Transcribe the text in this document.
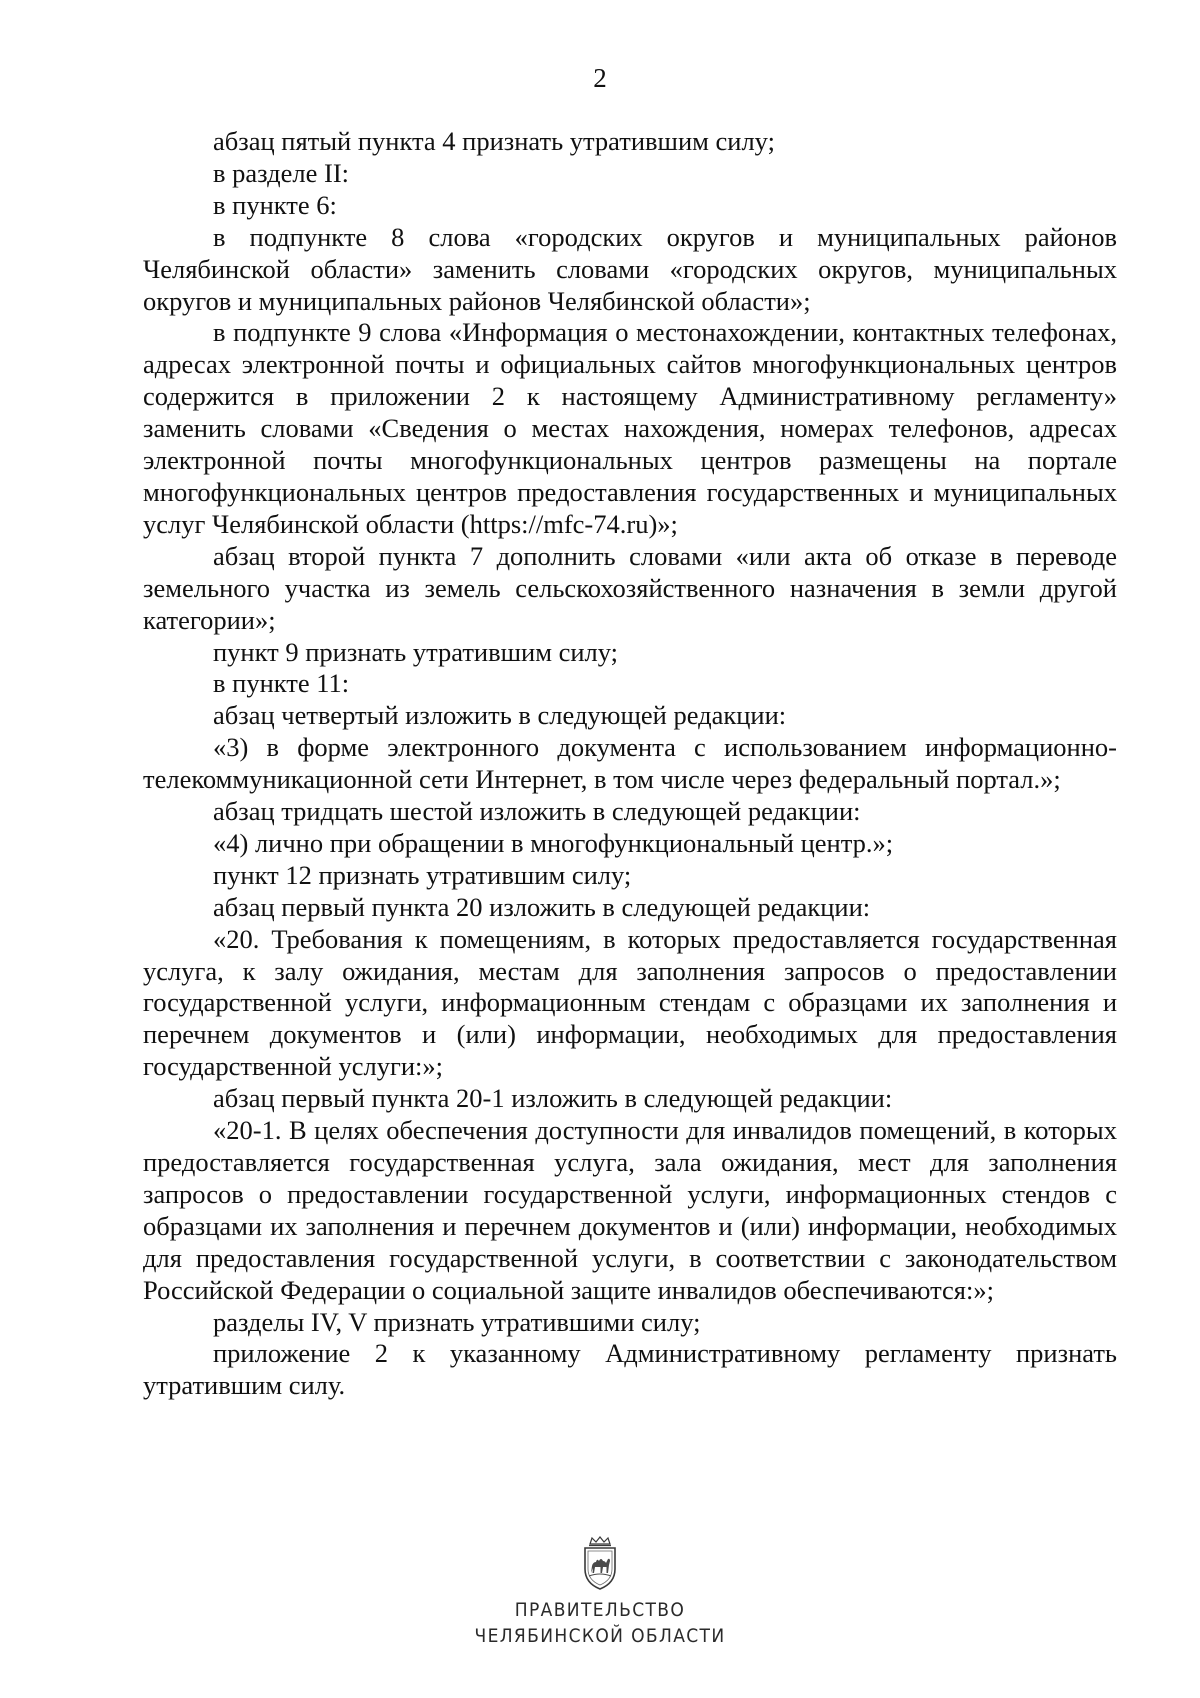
2

абзац пятый пункта 4 признать утратившим силу;

в разделе II:

в пункте 6:

в подпункте 8 слова «городских округов и муниципальных районов Челябинской области» заменить словами «городских округов, муниципальных округов и муниципальных районов Челябинской области»;

в подпункте 9 слова «Информация о местонахождении, контактных телефонах, адресах электронной почты и официальных сайтов многофункциональных центров содержится в приложении 2 к настоящему Административному регламенту» заменить словами «Сведения о местах нахождения, номерах телефонов, адресах электронной почты многофункциональных центров размещены на портале многофункциональных центров предоставления государственных и муниципальных услуг Челябинской области (https://mfc-74.ru)»;

абзац второй пункта 7 дополнить словами «или акта об отказе в переводе земельного участка из земель сельскохозяйственного назначения в земли другой категории»;

пункт 9 признать утратившим силу;

в пункте 11:

абзац четвертый изложить в следующей редакции:

«3) в форме электронного документа с использованием информационно-телекоммуникационной сети Интернет, в том числе через федеральный портал.»;

абзац тридцать шестой изложить в следующей редакции:

«4) лично при обращении в многофункциональный центр.»;

пункт 12 признать утратившим силу;

абзац первый пункта 20 изложить в следующей редакции:

«20. Требования к помещениям, в которых предоставляется государственная услуга, к залу ожидания, местам для заполнения запросов о предоставлении государственной услуги, информационным стендам с образцами их заполнения и перечнем документов и (или) информации, необходимых для предоставления государственной услуги:»;

абзац первый пункта 20-1 изложить в следующей редакции:

«20-1. В целях обеспечения доступности для инвалидов помещений, в которых предоставляется государственная услуга, зала ожидания, мест для заполнения запросов о предоставлении государственной услуги, информационных стендов с образцами их заполнения и перечнем документов и (или) информации, необходимых для предоставления государственной услуги, в соответствии с законодательством Российской Федерации о социальной защите инвалидов обеспечиваются:»;

разделы IV, V признать утратившими силу;

приложение 2 к указанному Административному регламенту признать утратившим силу.

ПРАВИТЕЛЬСТВО
ЧЕЛЯБИНСКОЙ ОБЛАСТИ
